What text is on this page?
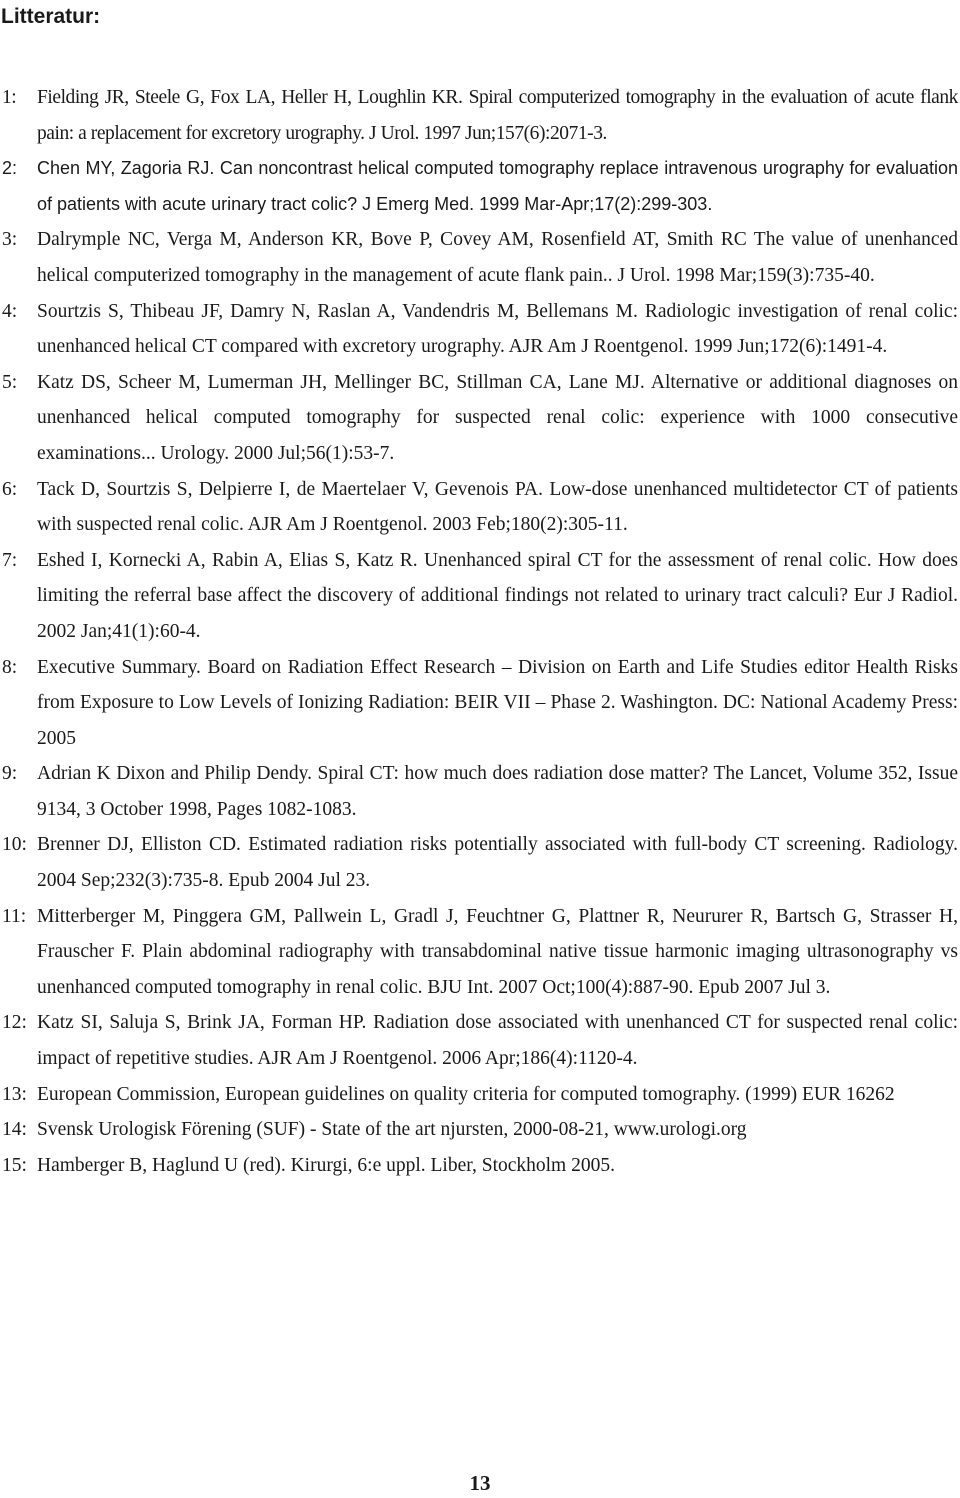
Litteratur:
1: Fielding JR, Steele G, Fox LA, Heller H, Loughlin KR. Spiral computerized tomography in the evaluation of acute flank pain: a replacement for excretory urography. J Urol. 1997 Jun;157(6):2071-3.
2: Chen MY, Zagoria RJ. Can noncontrast helical computed tomography replace intravenous urography for evaluation of patients with acute urinary tract colic? J Emerg Med. 1999 Mar-Apr;17(2):299-303.
3: Dalrymple NC, Verga M, Anderson KR, Bove P, Covey AM, Rosenfield AT, Smith RC The value of unenhanced helical computerized tomography in the management of acute flank pain.. J Urol. 1998 Mar;159(3):735-40.
4: Sourtzis S, Thibeau JF, Damry N, Raslan A, Vandendris M, Bellemans M. Radiologic investigation of renal colic: unenhanced helical CT compared with excretory urography. AJR Am J Roentgenol. 1999 Jun;172(6):1491-4.
5: Katz DS, Scheer M, Lumerman JH, Mellinger BC, Stillman CA, Lane MJ. Alternative or additional diagnoses on unenhanced helical computed tomography for suspected renal colic: experience with 1000 consecutive examinations... Urology. 2000 Jul;56(1):53-7.
6: Tack D, Sourtzis S, Delpierre I, de Maertelaer V, Gevenois PA. Low-dose unenhanced multidetector CT of patients with suspected renal colic. AJR Am J Roentgenol. 2003 Feb;180(2):305-11.
7: Eshed I, Kornecki A, Rabin A, Elias S, Katz R. Unenhanced spiral CT for the assessment of renal colic. How does limiting the referral base affect the discovery of additional findings not related to urinary tract calculi? Eur J Radiol. 2002 Jan;41(1):60-4.
8: Executive Summary. Board on Radiation Effect Research – Division on Earth and Life Studies editor Health Risks from Exposure to Low Levels of Ionizing Radiation: BEIR VII – Phase 2. Washington. DC: National Academy Press: 2005
9: Adrian K Dixon and Philip Dendy. Spiral CT: how much does radiation dose matter? The Lancet, Volume 352, Issue 9134, 3 October 1998, Pages 1082-1083.
10: Brenner DJ, Elliston CD. Estimated radiation risks potentially associated with full-body CT screening. Radiology. 2004 Sep;232(3):735-8. Epub 2004 Jul 23.
11: Mitterberger M, Pinggera GM, Pallwein L, Gradl J, Feuchtner G, Plattner R, Neururer R, Bartsch G, Strasser H, Frauscher F. Plain abdominal radiography with transabdominal native tissue harmonic imaging ultrasonography vs unenhanced computed tomography in renal colic. BJU Int. 2007 Oct;100(4):887-90. Epub 2007 Jul 3.
12: Katz SI, Saluja S, Brink JA, Forman HP. Radiation dose associated with unenhanced CT for suspected renal colic: impact of repetitive studies. AJR Am J Roentgenol. 2006 Apr;186(4):1120-4.
13: European Commission, European guidelines on quality criteria for computed tomography. (1999) EUR 16262
14: Svensk Urologisk Förening (SUF) - State of the art njursten, 2000-08-21, www.urologi.org
15: Hamberger B, Haglund U (red). Kirurgi, 6:e uppl. Liber, Stockholm 2005.
13
